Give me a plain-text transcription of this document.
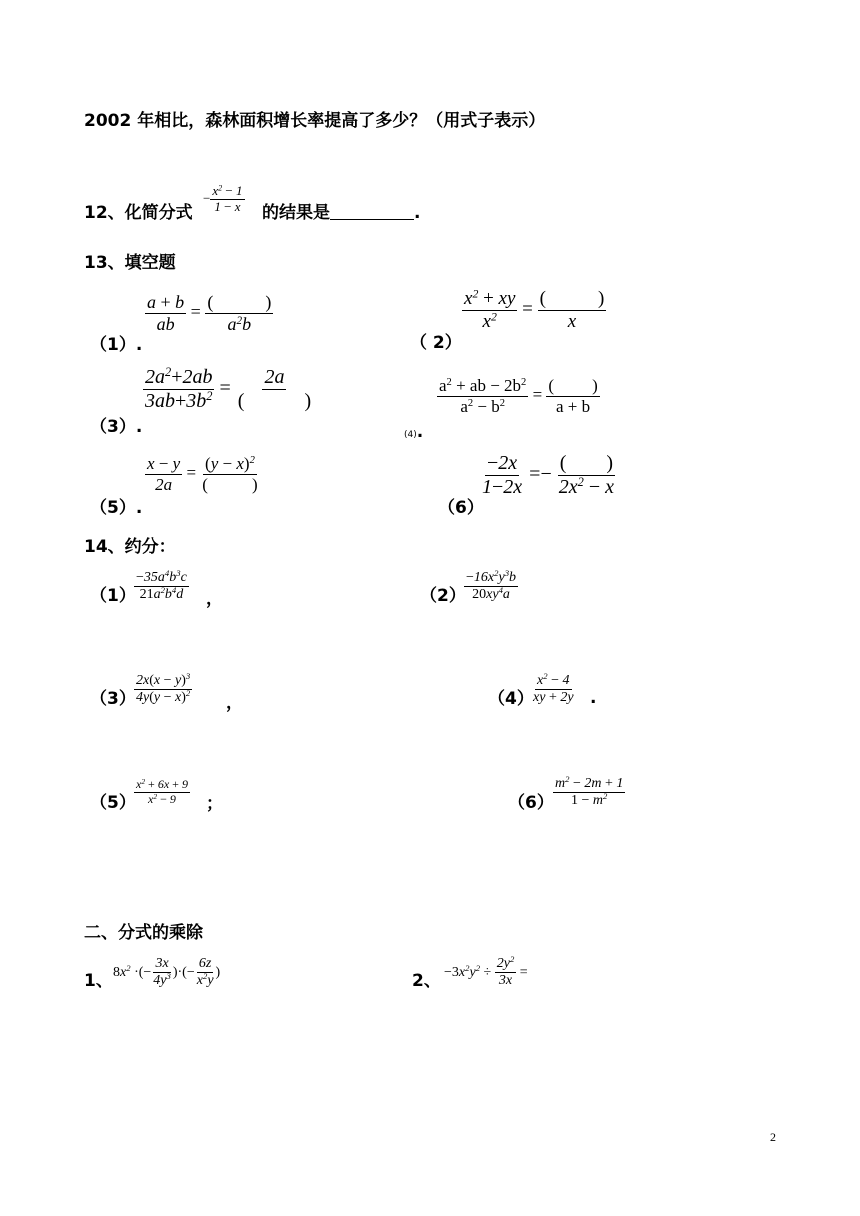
2002 年相比，森林面积增长率提高了多少？（用式子表示）
12、化简分式
− $\frac{x^2 - 1}{1 - x}$ 的结果是	.
13、填空题
（1）.
$\frac{a + b}{ab}$ = (	)
$a^2b$
（ 2）
$\frac{x^2 + xy}{x^2}$ =
(	)
x
（3）.
$\frac{2a^2+2ab}{3ab+3b^2}$ =
2a
(	)
(4).
$\frac{a^2 + ab - 2b^2}{a^2 - b^2}$ = ( )
a + b
（5）.
$\frac{x - y}{2a} = (y - x)^2$
(	)
（6）
$\frac{-2x}{1-2x}$ =−
( )
$2x^2 - x$
14、约分：
（1）
$\frac{-35a^4b^3c}{21a^2b^4d}$ ，	（2）
$\frac{-16x^2y^3b}{20xy^4a}$
（3）
$\frac{2x(x - y)^3}{4y(y - x)^2}$ ，	（4）
$\frac{x^2 - 4}{xy + 2y}$ .
（5）
$\frac{x^2 + 6x + 9}{x^2 - 9}$ ；	$(6) \frac{m^2 - 2m + 1}{1 - m^2}$
二、分式的乘除
1、 $8x^2$ ·(− $\frac{3x}{4y^3}$ )·(− $\frac{6z}{x^2y}$ )	2、 $-3x^2y^2 \div \frac{2y^2}{3x}$ =
2
